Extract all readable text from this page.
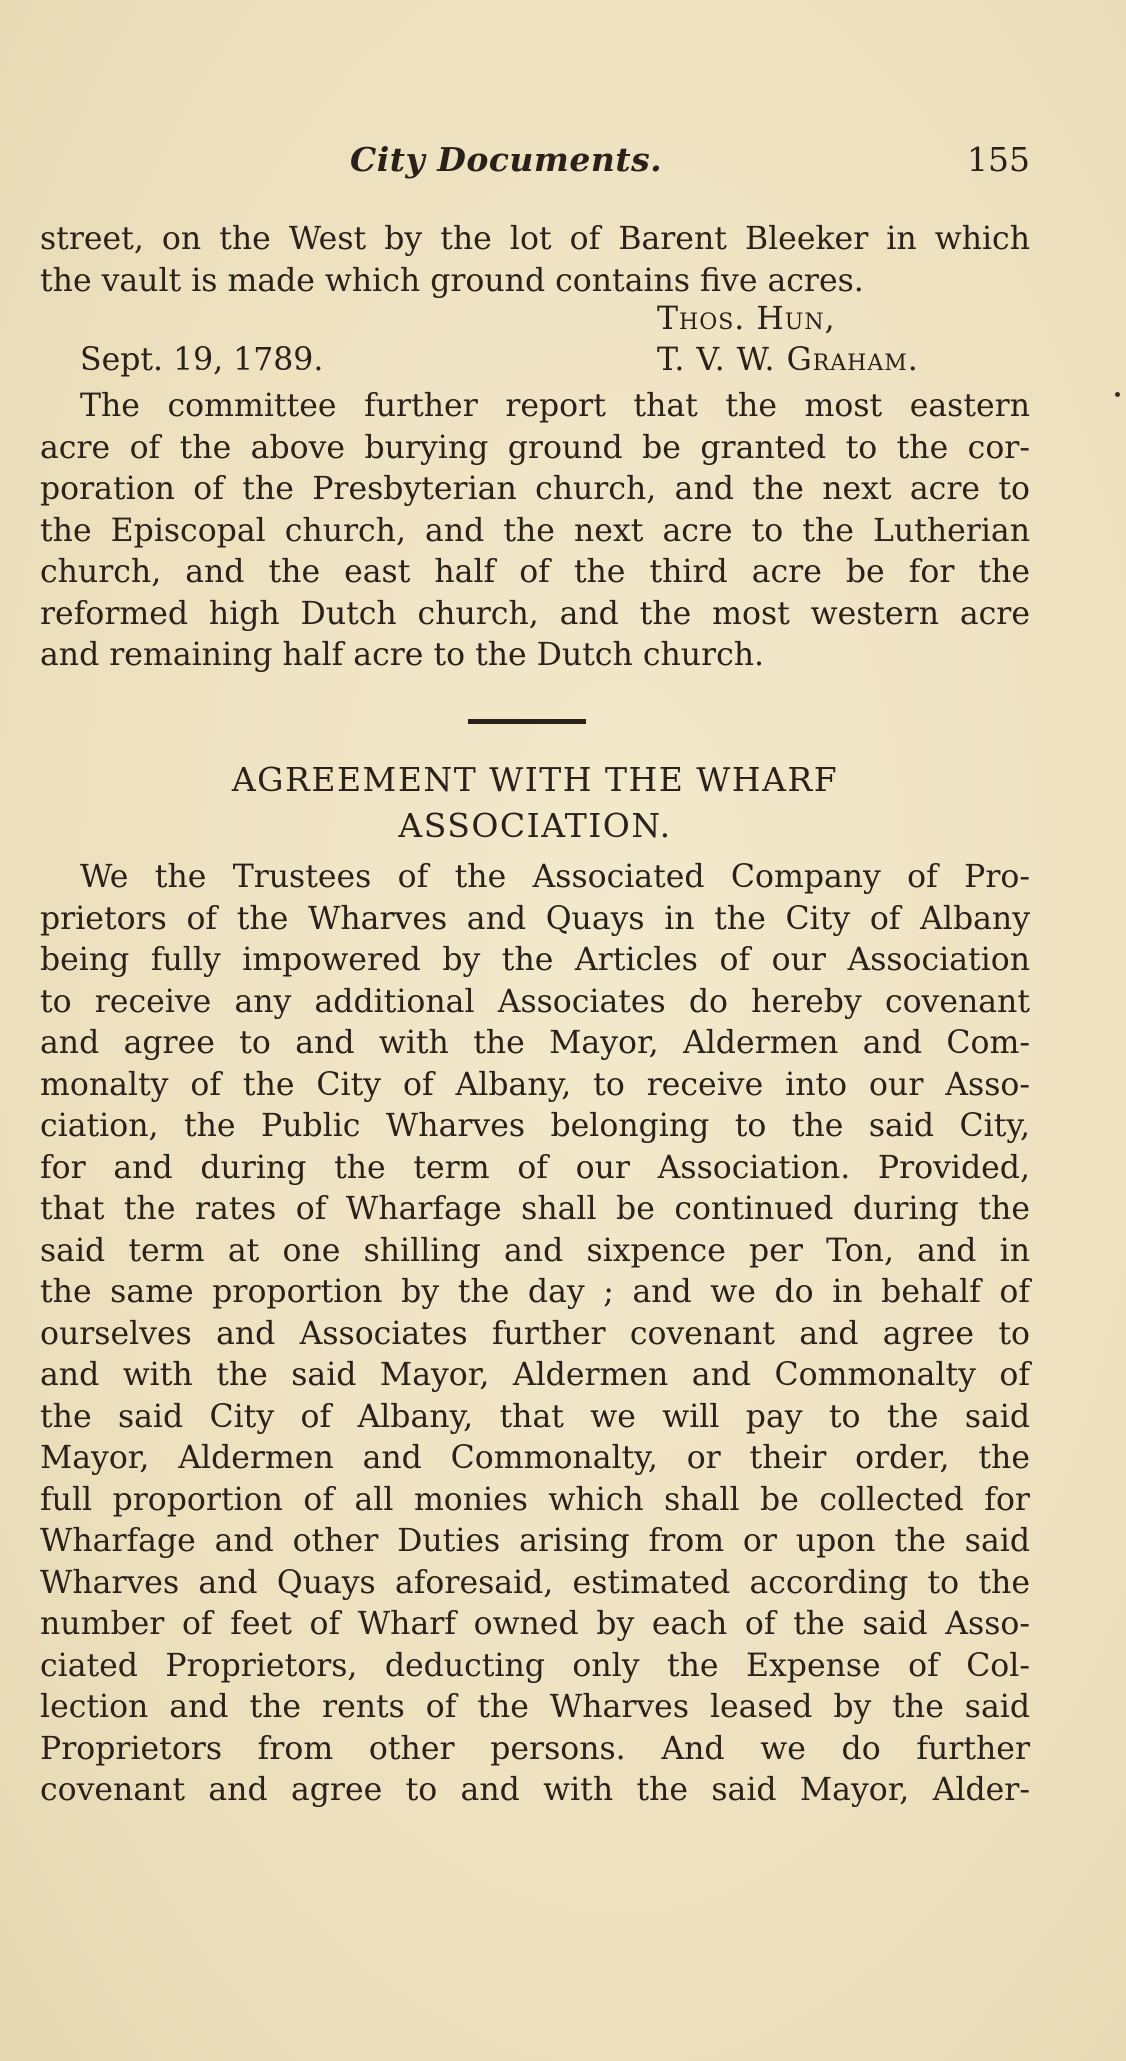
City Documents.	155
street, on the West by the lot of Barent Bleeker in which
the vault is made which ground contains five acres.
Thos. Hun,
Sept. 19, 1789.	T. V. W. Graham.
The committee further report that the most eastern
acre of the above burying ground be granted to the cor-
poration of the Presbyterian church, and the next acre to
the Episcopal church, and the next acre to the Lutherian
church, and the east half of the third acre be for the
reformed high Dutch church, and the most western acre
and remaining half acre to the Dutch church.
AGREEMENT WITH THE WHARF
ASSOCIATION.
We the Trustees of the Associated Company of Pro-
prietors of the Wharves and Quays in the City of Albany
being fully impowered by the Articles of our Association
to receive any additional Associates do hereby covenant
and agree to and with the Mayor, Aldermen and Com-
monalty of the City of Albany, to receive into our Asso-
ciation, the Public Wharves belonging to the said City,
for and during the term of our Association. Provided,
that the rates of Wharfage shall be continued during the
said term at one shilling and sixpence per Ton, and in
the same proportion by the day ; and we do in behalf of
ourselves and Associates further covenant and agree to
and with the said Mayor, Aldermen and Commonalty of
the said City of Albany, that we will pay to the said
Mayor, Aldermen and Commonalty, or their order, the
full proportion of all monies which shall be collected for
Wharfage and other Duties arising from or upon the said
Wharves and Quays aforesaid, estimated according to the
number of feet of Wharf owned by each of the said Asso-
ciated Proprietors, deducting only the Expense of Col-
lection and the rents of the Wharves leased by the said
Proprietors from other persons. And we do further
covenant and agree to and with the said Mayor, Alder-
